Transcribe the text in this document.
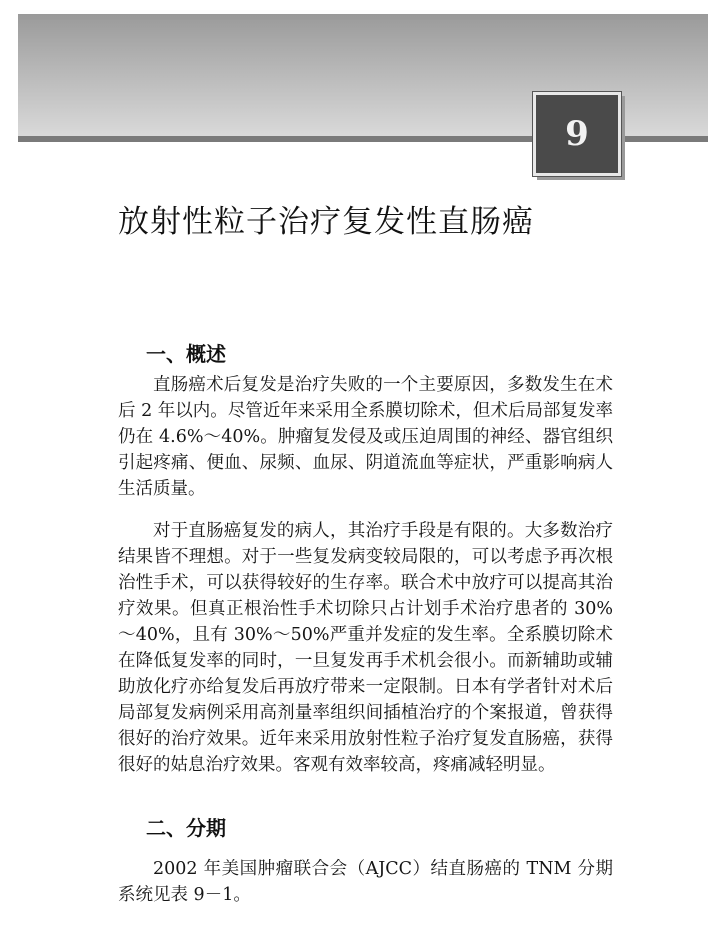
9
放射性粒子治疗复发性直肠癌
一、概述

直肠癌术后复发是治疗失败的一个主要原因，多数发生在术后 2 年以内。尽管近年来采用全系膜切除术，但术后局部复发率仍在 4.6%～40%。肿瘤复发侵及或压迫周围的神经、器官组织引起疼痛、便血、尿频、血尿、阴道流血等症状，严重影响病人生活质量。

对于直肠癌复发的病人，其治疗手段是有限的。大多数治疗结果皆不理想。对于一些复发病变较局限的，可以考虑予再次根治性手术，可以获得较好的生存率。联合术中放疗可以提高其治疗效果。但真正根治性手术切除只占计划手术治疗患者的 30%～40%，且有 30%～50%严重并发症的发生率。全系膜切除术在降低复发率的同时，一旦复发再手术机会很小。而新辅助或辅助放化疗亦给复发后再放疗带来一定限制。日本有学者针对术后局部复发病例采用高剂量率组织间插植治疗的个案报道，曾获得很好的治疗效果。近年来采用放射性粒子治疗复发直肠癌，获得很好的姑息治疗效果。客观有效率较高，疼痛减轻明显。

二、分期

2002 年美国肿瘤联合会（AJCC）结直肠癌的 TNM 分期系统见表 9－1。
